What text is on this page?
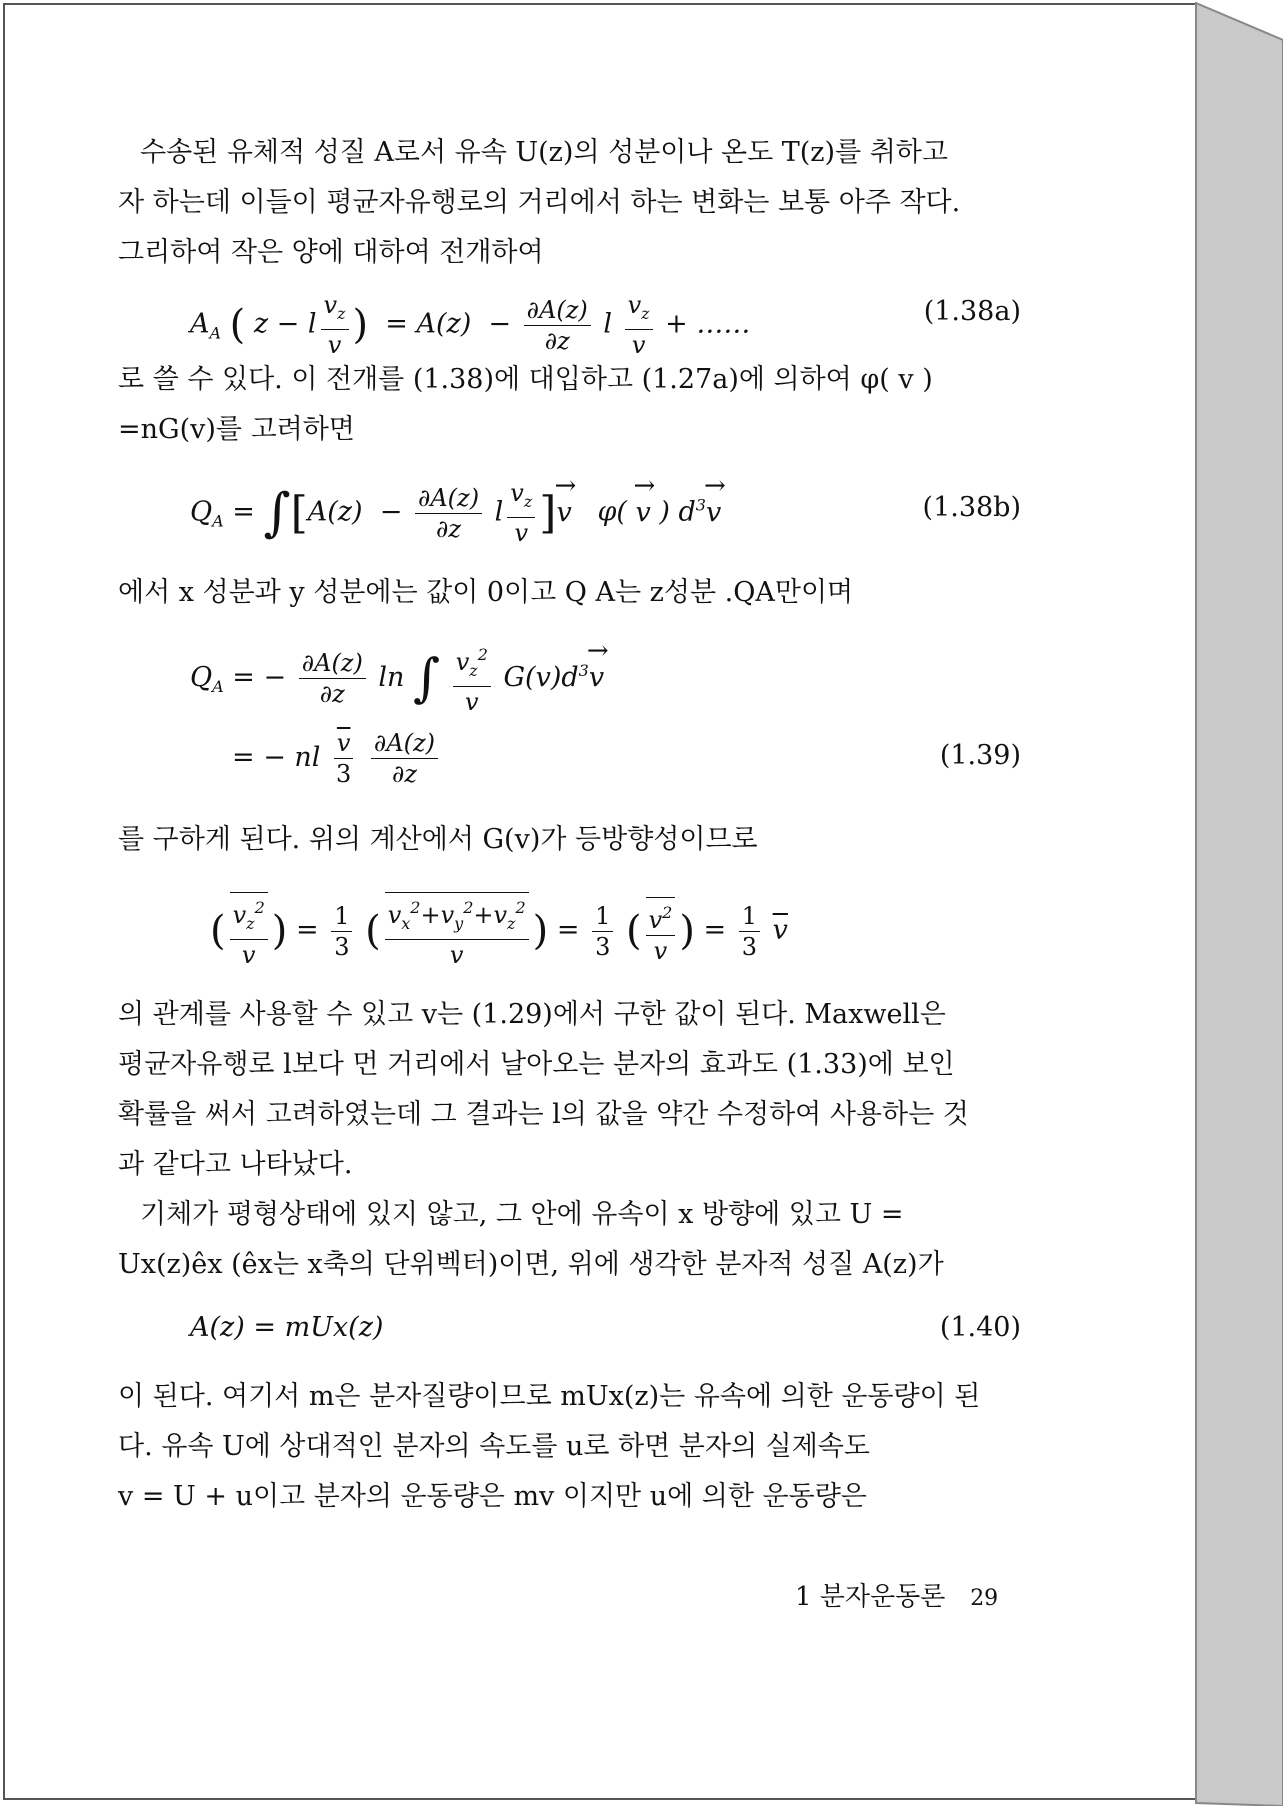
수송된 유체적 성질 A로서 유속 U(z)의 성분이나 온도 T(z)를 취하고
자 하는데 이들이 평균자유행로의 거리에서 하는 변화는 보통 아주 작다.
그리하여 작은 양에 대하여 전개하여
$A_A$ ( z − l $\frac{v_z}{v}$ )  = $A(z) - \frac{\partial A(z)}{\partial z}$ l $\frac{v_z}{v}$ + ……	(1.38a)
로 쓸 수 있다. 이 전개를 (1.38)에 대입하고 (1.27a)에 의하여 φ( v )
=nG(v)를 고려하면
$Q_A = \int[A(z) - \frac{\partial A(z)}{\partial z}$ l $\frac{v_z}{v}$ ]→ v   φ( → v ) $d^3\to v$	(1.38b)
에서 x 성분과 y 성분에는 값이 0이고 Q A는 z성분 .QA만이며
$Q_A$ = − $\frac{\partial A(z)}{\partial z}$ ln ∫ $\frac{v_z^2}{v} G(v)d^3\to v$
= − nl $\frac{\overline{v}}{3}$
$\frac{\partial A(z)}{\partial z}$	(1.39)
를 구하게 된다. 위의 계산에서 G(v)가 등방향성이므로
( $\frac{v_z^2}{v}$ ) = $\frac{1}{3}$ ( $\frac{v_x^2+v_y^2+v_z^2}{v}$ ) = $\frac{1}{3}$ ( $\frac{v^2}{v}$ ) = $\frac{1}{3} \overline{v}$
의 관계를 사용할 수 있고 v는 (1.29)에서 구한 값이 된다. Maxwell은
평균자유행로 l보다 먼 거리에서 날아오는 분자의 효과도 (1.33)에 보인
확률을 써서 고려하였는데 그 결과는 l의 값을 약간 수정하여 사용하는 것
과 같다고 나타났다.
기체가 평형상태에 있지 않고, 그 안에 유속이 x 방향에 있고 U =
Ux(z)êx (êx는 x축의 단위벡터)이면, 위에 생각한 분자적 성질 A(z)가
A(z) = mUx(z)	(1.40)
이 된다. 여기서 m은 분자질량이므로 mUx(z)는 유속에 의한 운동량이 된
다. 유속 U에 상대적인 분자의 속도를 u로 하면 분자의 실제속도
v = U + u이고 분자의 운동량은 mv 이지만 u에 의한 운동량은
1 분자운동론 29
